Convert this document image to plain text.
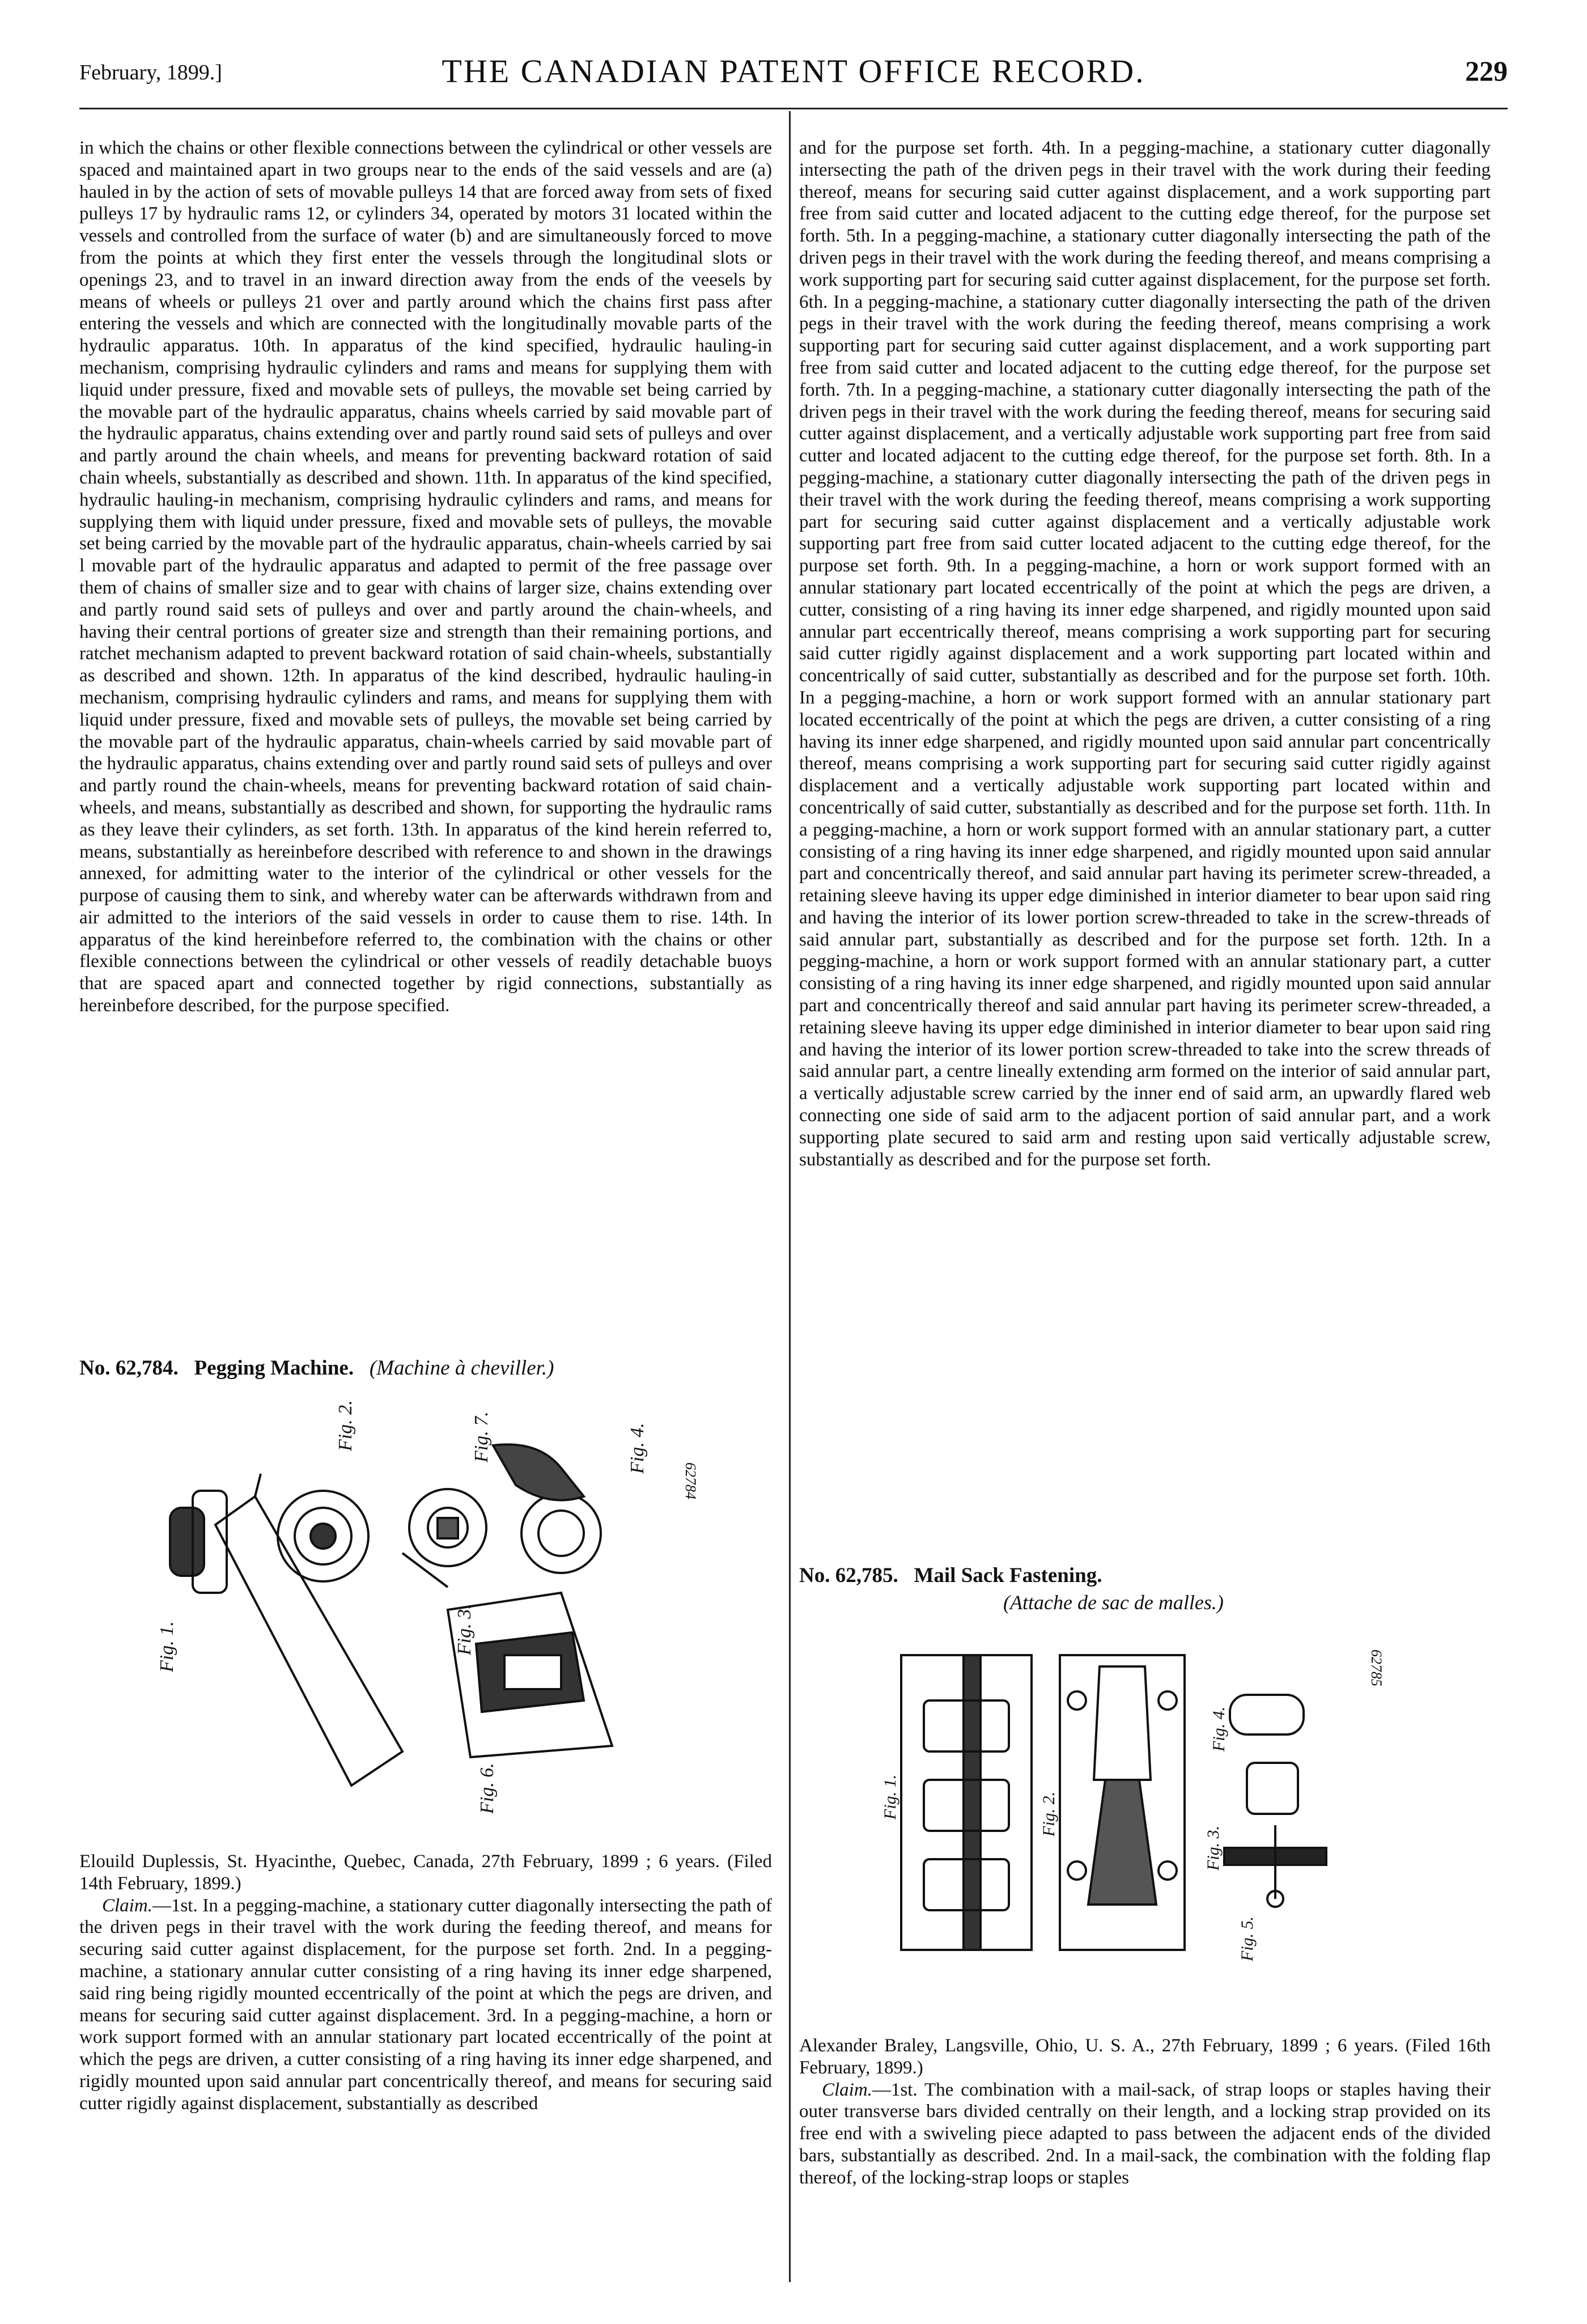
February, 1899.]	THE CANADIAN PATENT OFFICE RECORD.	229

in which the chains or other flexible connections between the cylindrical or other vessels are spaced and maintained apart in two groups near to the ends of the said vessels and are (a) hauled in by the action of sets of movable pulleys 14 that are forced away from sets of fixed pulleys 17 by hydraulic rams 12, or cylinders 34, operated by motors 31 located within the vessels and controlled from the surface of water (b) and are simultaneously forced to move from the points at which they first enter the vessels through the longitudinal slots or openings 23, and to travel in an inward direction away from the ends of the veesels by means of wheels or pulleys 21 over and partly around which the chains first pass after entering the vessels and which are connected with the longitudinally movable parts of the hydraulic apparatus. 10th. In apparatus of the kind specified, hydraulic hauling-in mechanism, comprising hydraulic cylinders and rams and means for supplying them with liquid under pressure, fixed and movable sets of pulleys, the movable set being carried by the movable part of the hydraulic apparatus, chains wheels carried by said movable part of the hydraulic apparatus, chains extending over and partly round said sets of pulleys and over and partly around the chain wheels, and means for preventing backward rotation of said chain wheels, substantially as described and shown. 11th. In apparatus of the kind specified, hydraulic hauling-in mechanism, comprising hydraulic cylinders and rams, and means for supplying them with liquid under pressure, fixed and movable sets of pulleys, the movable set being carried by the movable part of the hydraulic apparatus, chain-wheels carried by sai l movable part of the hydraulic apparatus and adapted to permit of the free passage over them of chains of smaller size and to gear with chains of larger size, chains extending over and partly round said sets of pulleys and over and partly around the chain-wheels, and having their central portions of greater size and strength than their remaining portions, and ratchet mechanism adapted to prevent backward rotation of said chain-wheels, substantially as described and shown. 12th. In apparatus of the kind described, hydraulic hauling-in mechanism, comprising hydraulic cylinders and rams, and means for supplying them with liquid under pressure, fixed and movable sets of pulleys, the movable set being carried by the movable part of the hydraulic apparatus, chain-wheels carried by said movable part of the hydraulic apparatus, chains extending over and partly round said sets of pulleys and over and partly round the chain-wheels, means for preventing backward rotation of said chain-wheels, and means, substantially as described and shown, for supporting the hydraulic rams as they leave their cylinders, as set forth. 13th. In apparatus of the kind herein referred to, means, substantially as hereinbefore described with reference to and shown in the drawings annexed, for admitting water to the interior of the cylindrical or other vessels for the purpose of causing them to sink, and whereby water can be afterwards withdrawn from and air admitted to the interiors of the said vessels in order to cause them to rise. 14th. In apparatus of the kind hereinbefore referred to, the combination with the chains or other flexible connections between the cylindrical or other vessels of readily detachable buoys that are spaced apart and connected together by rigid connections, substantially as hereinbefore described, for the purpose specified.

No. 62,784. Pegging Machine. (Machine à cheviller.)
Fig. 1.
Fig. 2.
Fig. 3.
Fig. 4.
Fig. 6.
Fig. 7.
62784

Elouild Duplessis, St. Hyacinthe, Quebec, Canada, 27th February, 1899 ; 6 years. (Filed 14th February, 1899.)

Claim.—1st. In a pegging-machine, a stationary cutter diagonally intersecting the path of the driven pegs in their travel with the work during the feeding thereof, and means for securing said cutter against displacement, for the purpose set forth. 2nd. In a pegging-machine, a stationary annular cutter consisting of a ring having its inner edge sharpened, said ring being rigidly mounted eccentrically of the point at which the pegs are driven, and means for securing said cutter against displacement. 3rd. In a pegging-machine, a horn or work support formed with an annular stationary part located eccentrically of the point at which the pegs are driven, a cutter consisting of a ring having its inner edge sharpened, and rigidly mounted upon said annular part concentrically thereof, and means for securing said cutter rigidly against displacement, substantially as described

and for the purpose set forth. 4th. In a pegging-machine, a stationary cutter diagonally intersecting the path of the driven pegs in their travel with the work during their feeding thereof, means for securing said cutter against displacement, and a work supporting part free from said cutter and located adjacent to the cutting edge thereof, for the purpose set forth. 5th. In a pegging-machine, a stationary cutter diagonally intersecting the path of the driven pegs in their travel with the work during the feeding thereof, and means comprising a work supporting part for securing said cutter against displacement, for the purpose set forth. 6th. In a pegging-machine, a stationary cutter diagonally intersecting the path of the driven pegs in their travel with the work during the feeding thereof, means comprising a work supporting part for securing said cutter against displacement, and a work supporting part free from said cutter and located adjacent to the cutting edge thereof, for the purpose set forth. 7th. In a pegging-machine, a stationary cutter diagonally intersecting the path of the driven pegs in their travel with the work during the feeding thereof, means for securing said cutter against displacement, and a vertically adjustable work supporting part free from said cutter and located adjacent to the cutting edge thereof, for the purpose set forth. 8th. In a pegging-machine, a stationary cutter diagonally intersecting the path of the driven pegs in their travel with the work during the feeding thereof, means comprising a work supporting part for securing said cutter against displacement and a vertically adjustable work supporting part free from said cutter located adjacent to the cutting edge thereof, for the purpose set forth. 9th. In a pegging-machine, a horn or work support formed with an annular stationary part located eccentrically of the point at which the pegs are driven, a cutter, consisting of a ring having its inner edge sharpened, and rigidly mounted upon said annular part eccentrically thereof, means comprising a work supporting part for securing said cutter rigidly against displacement and a work supporting part located within and concentrically of said cutter, substantially as described and for the purpose set forth. 10th. In a pegging-machine, a horn or work support formed with an annular stationary part located eccentrically of the point at which the pegs are driven, a cutter consisting of a ring having its inner edge sharpened, and rigidly mounted upon said annular part concentrically thereof, means comprising a work supporting part for securing said cutter rigidly against displacement and a vertically adjustable work supporting part located within and concentrically of said cutter, substantially as described and for the purpose set forth. 11th. In a pegging-machine, a horn or work support formed with an annular stationary part, a cutter consisting of a ring having its inner edge sharpened, and rigidly mounted upon said annular part and concentrically thereof, and said annular part having its perimeter screw-threaded, a retaining sleeve having its upper edge diminished in interior diameter to bear upon said ring and having the interior of its lower portion screw-threaded to take in the screw-threads of said annular part, substantially as described and for the purpose set forth. 12th. In a pegging-machine, a horn or work support formed with an annular stationary part, a cutter consisting of a ring having its inner edge sharpened, and rigidly mounted upon said annular part and concentrically thereof and said annular part having its perimeter screw-threaded, a retaining sleeve having its upper edge diminished in interior diameter to bear upon said ring and having the interior of its lower portion screw-threaded to take into the screw threads of said annular part, a centre lineally extending arm formed on the interior of said annular part, a vertically adjustable screw carried by the inner end of said arm, an upwardly flared web connecting one side of said arm to the adjacent portion of said annular part, and a work supporting plate secured to said arm and resting upon said vertically adjustable screw, substantially as described and for the purpose set forth.

No. 62,785. Mail Sack Fastening.
(Attache de sac de malles.)
Fig. 1.	Fig. 2.
Fig. 3.
Fig. 4.
Fig. 5.
62785

Alexander Braley, Langsville, Ohio, U. S. A., 27th February, 1899 ; 6 years. (Filed 16th February, 1899.)

Claim.—1st. The combination with a mail-sack, of strap loops or staples having their outer transverse bars divided centrally on their length, and a locking strap provided on its free end with a swiveling piece adapted to pass between the adjacent ends of the divided bars, substantially as described. 2nd. In a mail-sack, the combination with the folding flap thereof, of the locking-strap loops or staples
